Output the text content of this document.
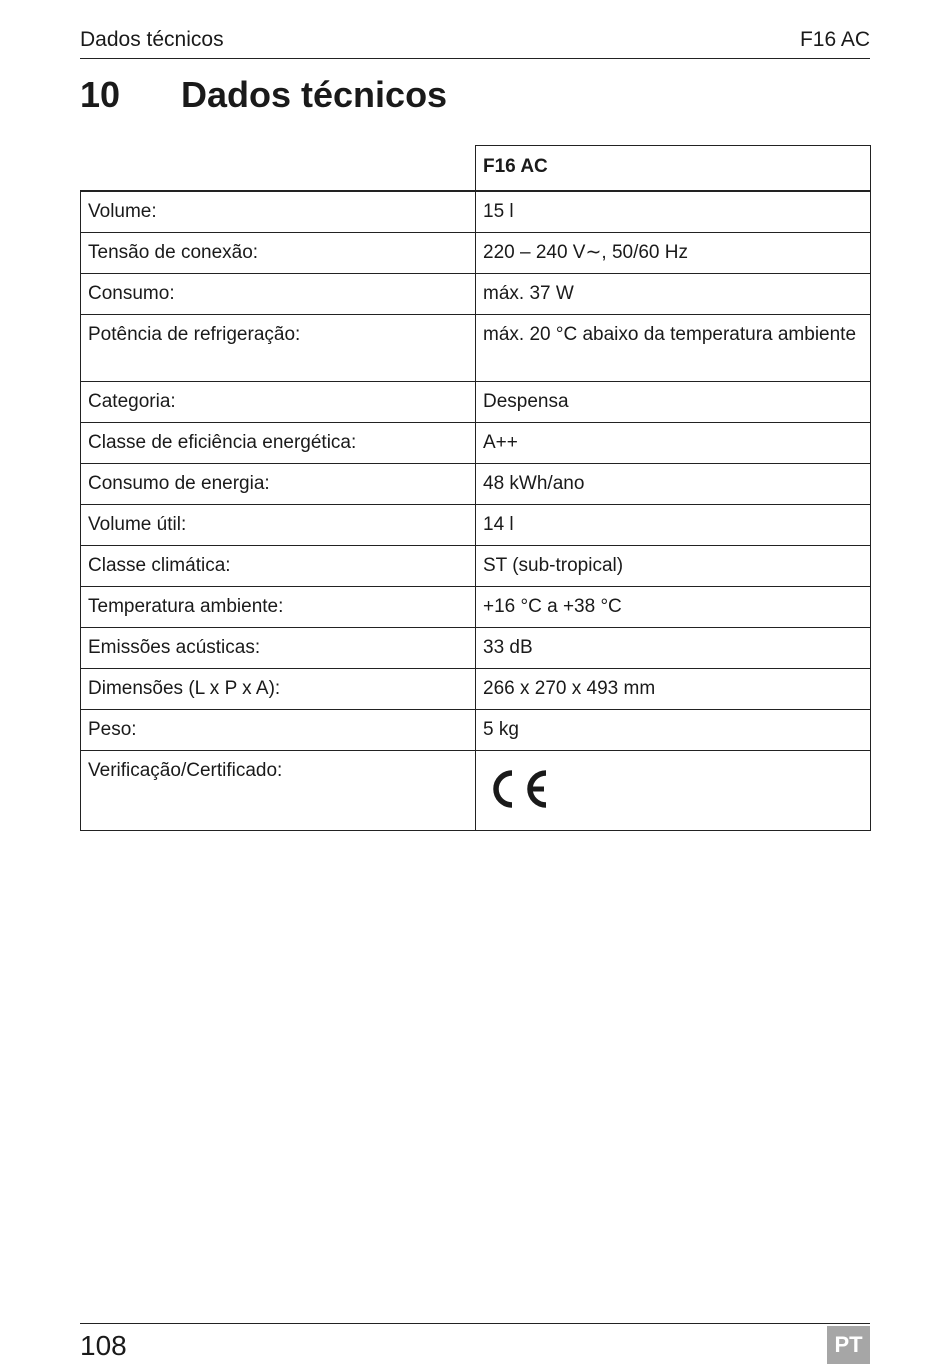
Dados técnicos	F16 AC
10 Dados técnicos
	F16 AC
Volume:	15 l
Tensão de conexão:	220 – 240 V∼, 50/60 Hz
Consumo:	máx. 37 W
Potência de refrigeração:	máx. 20 °C abaixo da temperatura ambiente
Categoria:	Despensa
Classe de eficiência energética:	A++
Consumo de energia:	48 kWh/ano
Volume útil:	14 l
Classe climática:	ST (sub-tropical)
Temperatura ambiente:	+16 °C a +38 °C
Emissões acústicas:	33 dB
Dimensões (L x P x A):	266 x 270 x 493 mm
Peso:	5 kg
Verificação/Certificado:	
108	PT
